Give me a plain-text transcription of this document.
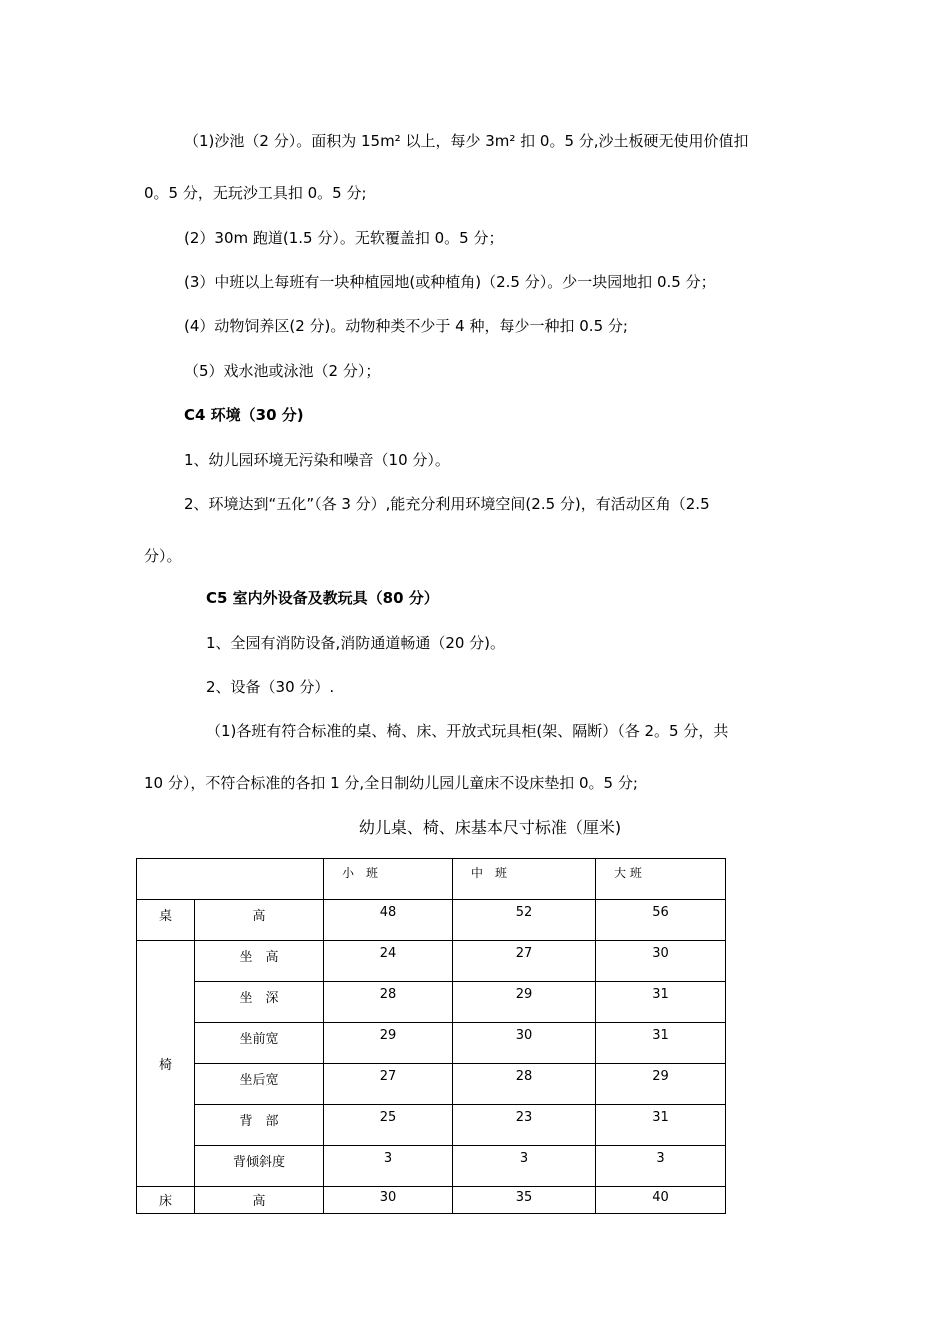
（1)沙池（2 分）。面积为 15m² 以上，每少 3m² 扣 0。5 分,沙土板硬无使用价值扣
0。5 分，无玩沙工具扣 0。5 分;
(2）30m 跑道(1.5 分）。无软覆盖扣 0。5 分；
(3）中班以上每班有一块种植园地(或种植角)（2.5 分）。少一块园地扣 0.5 分；
(4）动物饲养区(2 分)。动物种类不少于 4 种，每少一种扣 0.5 分;
（5）戏水池或泳池（2 分）；
C4 环境（30 分)
1、幼儿园环境无污染和噪音（10 分）。
2、环境达到“五化”（各 3 分）,能充分利用环境空间(2.5 分)，有活动区角（2.5
分）。
C5 室内外设备及教玩具（80 分）
1、全园有消防设备,消防通道畅通（20 分)。
2、设备（30 分）.
（1)各班有符合标准的桌、椅、床、开放式玩具柜(架、隔断）（各 2。5 分，共
10 分），不符合标准的各扣 1 分,全日制幼儿园儿童床不设床垫扣 0。5 分;
幼儿桌、椅、床基本尺寸标准（厘米)
		小　班	中　班	大 班
桌	高	48	52	56
椅	坐　高	24	27	30
	坐　深	28	29	31
	坐前宽	29	30	31
	坐后宽	27	28	29
	背　部	25	23	31
	背倾斜度	3	3	3
床	高	30	35	40
